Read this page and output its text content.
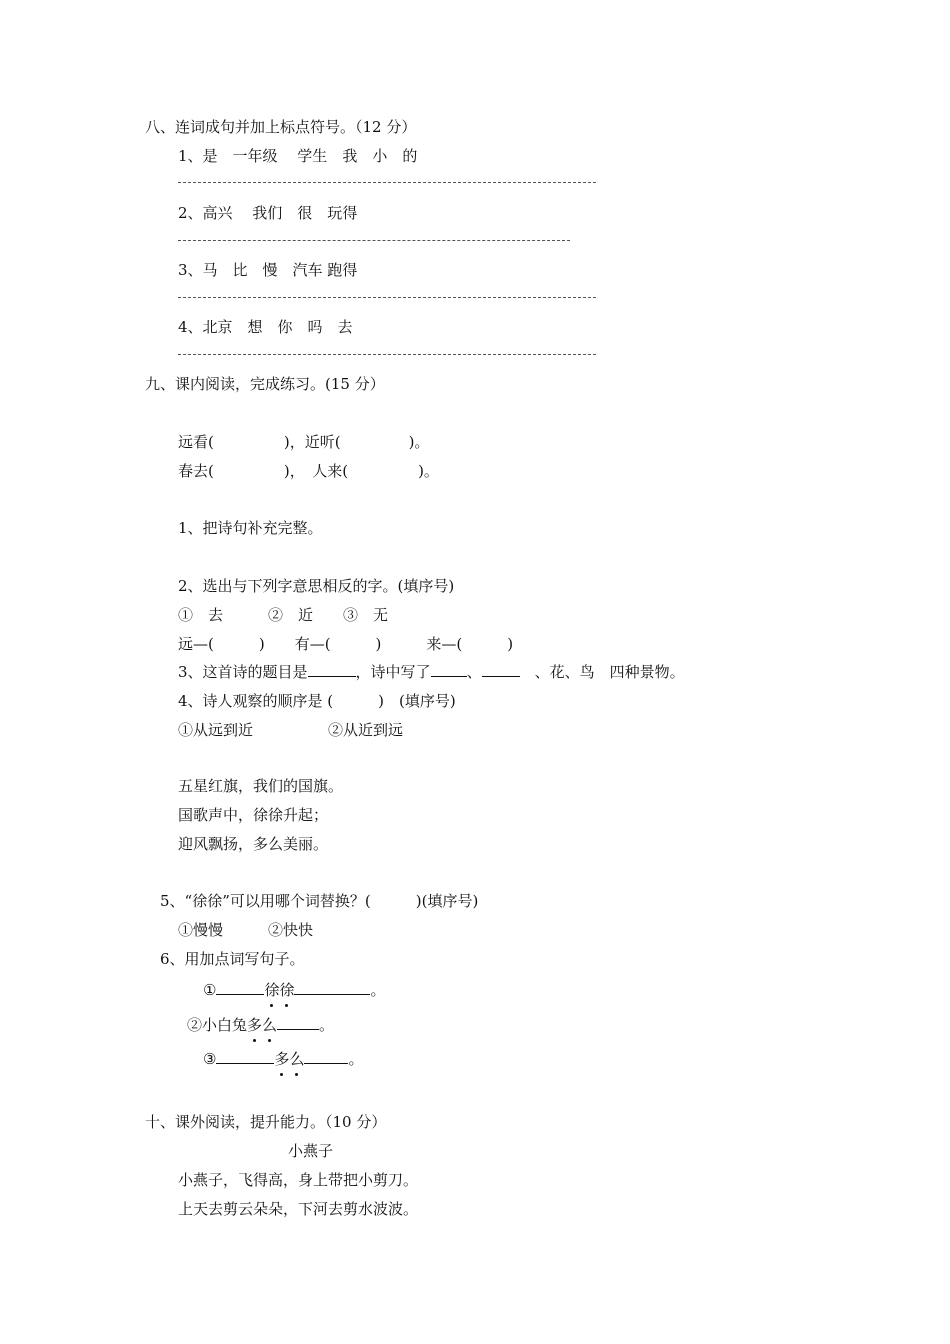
八、连词成句并加上标点符号。（12 分）
1、是　一年级　 学生　我　小　的
2、高兴　 我们　很　玩得
3、马　比　慢　汽车 跑得
4、北京　想　你　吗　去
九、课内阅读，完成练习。(15 分）
远看(	)，近听(	)。
春去(	)，　人来(	)。
1、把诗句补充完整。
2、选出与下列字意思相反的字。(填序号)
①　去　　　②　近　　③　无
远—(　　　)　　有—(　　　)　　　来—(　　　)
3、这首诗的题目是	，诗中写了 、	　、花、鸟　四种景物。
4、诗人观察的顺序是 (　　　)　(填序号)
①从远到近　　　　　②从近到远
五星红旗，我们的国旗。
国歌声中，徐徐升起；
迎风飘扬，多么美丽。
5、“徐徐”可以用哪个词替换？(　　　)(填序号)
①慢慢　　　②快快
6、用加点词写句子。
①	徐徐	。
②小白兔多么	。
③	多么	。
十、课外阅读，提升能力。（10 分）
小燕子
小燕子，飞得高，身上带把小剪刀。
上天去剪云朵朵，下河去剪水波波。
